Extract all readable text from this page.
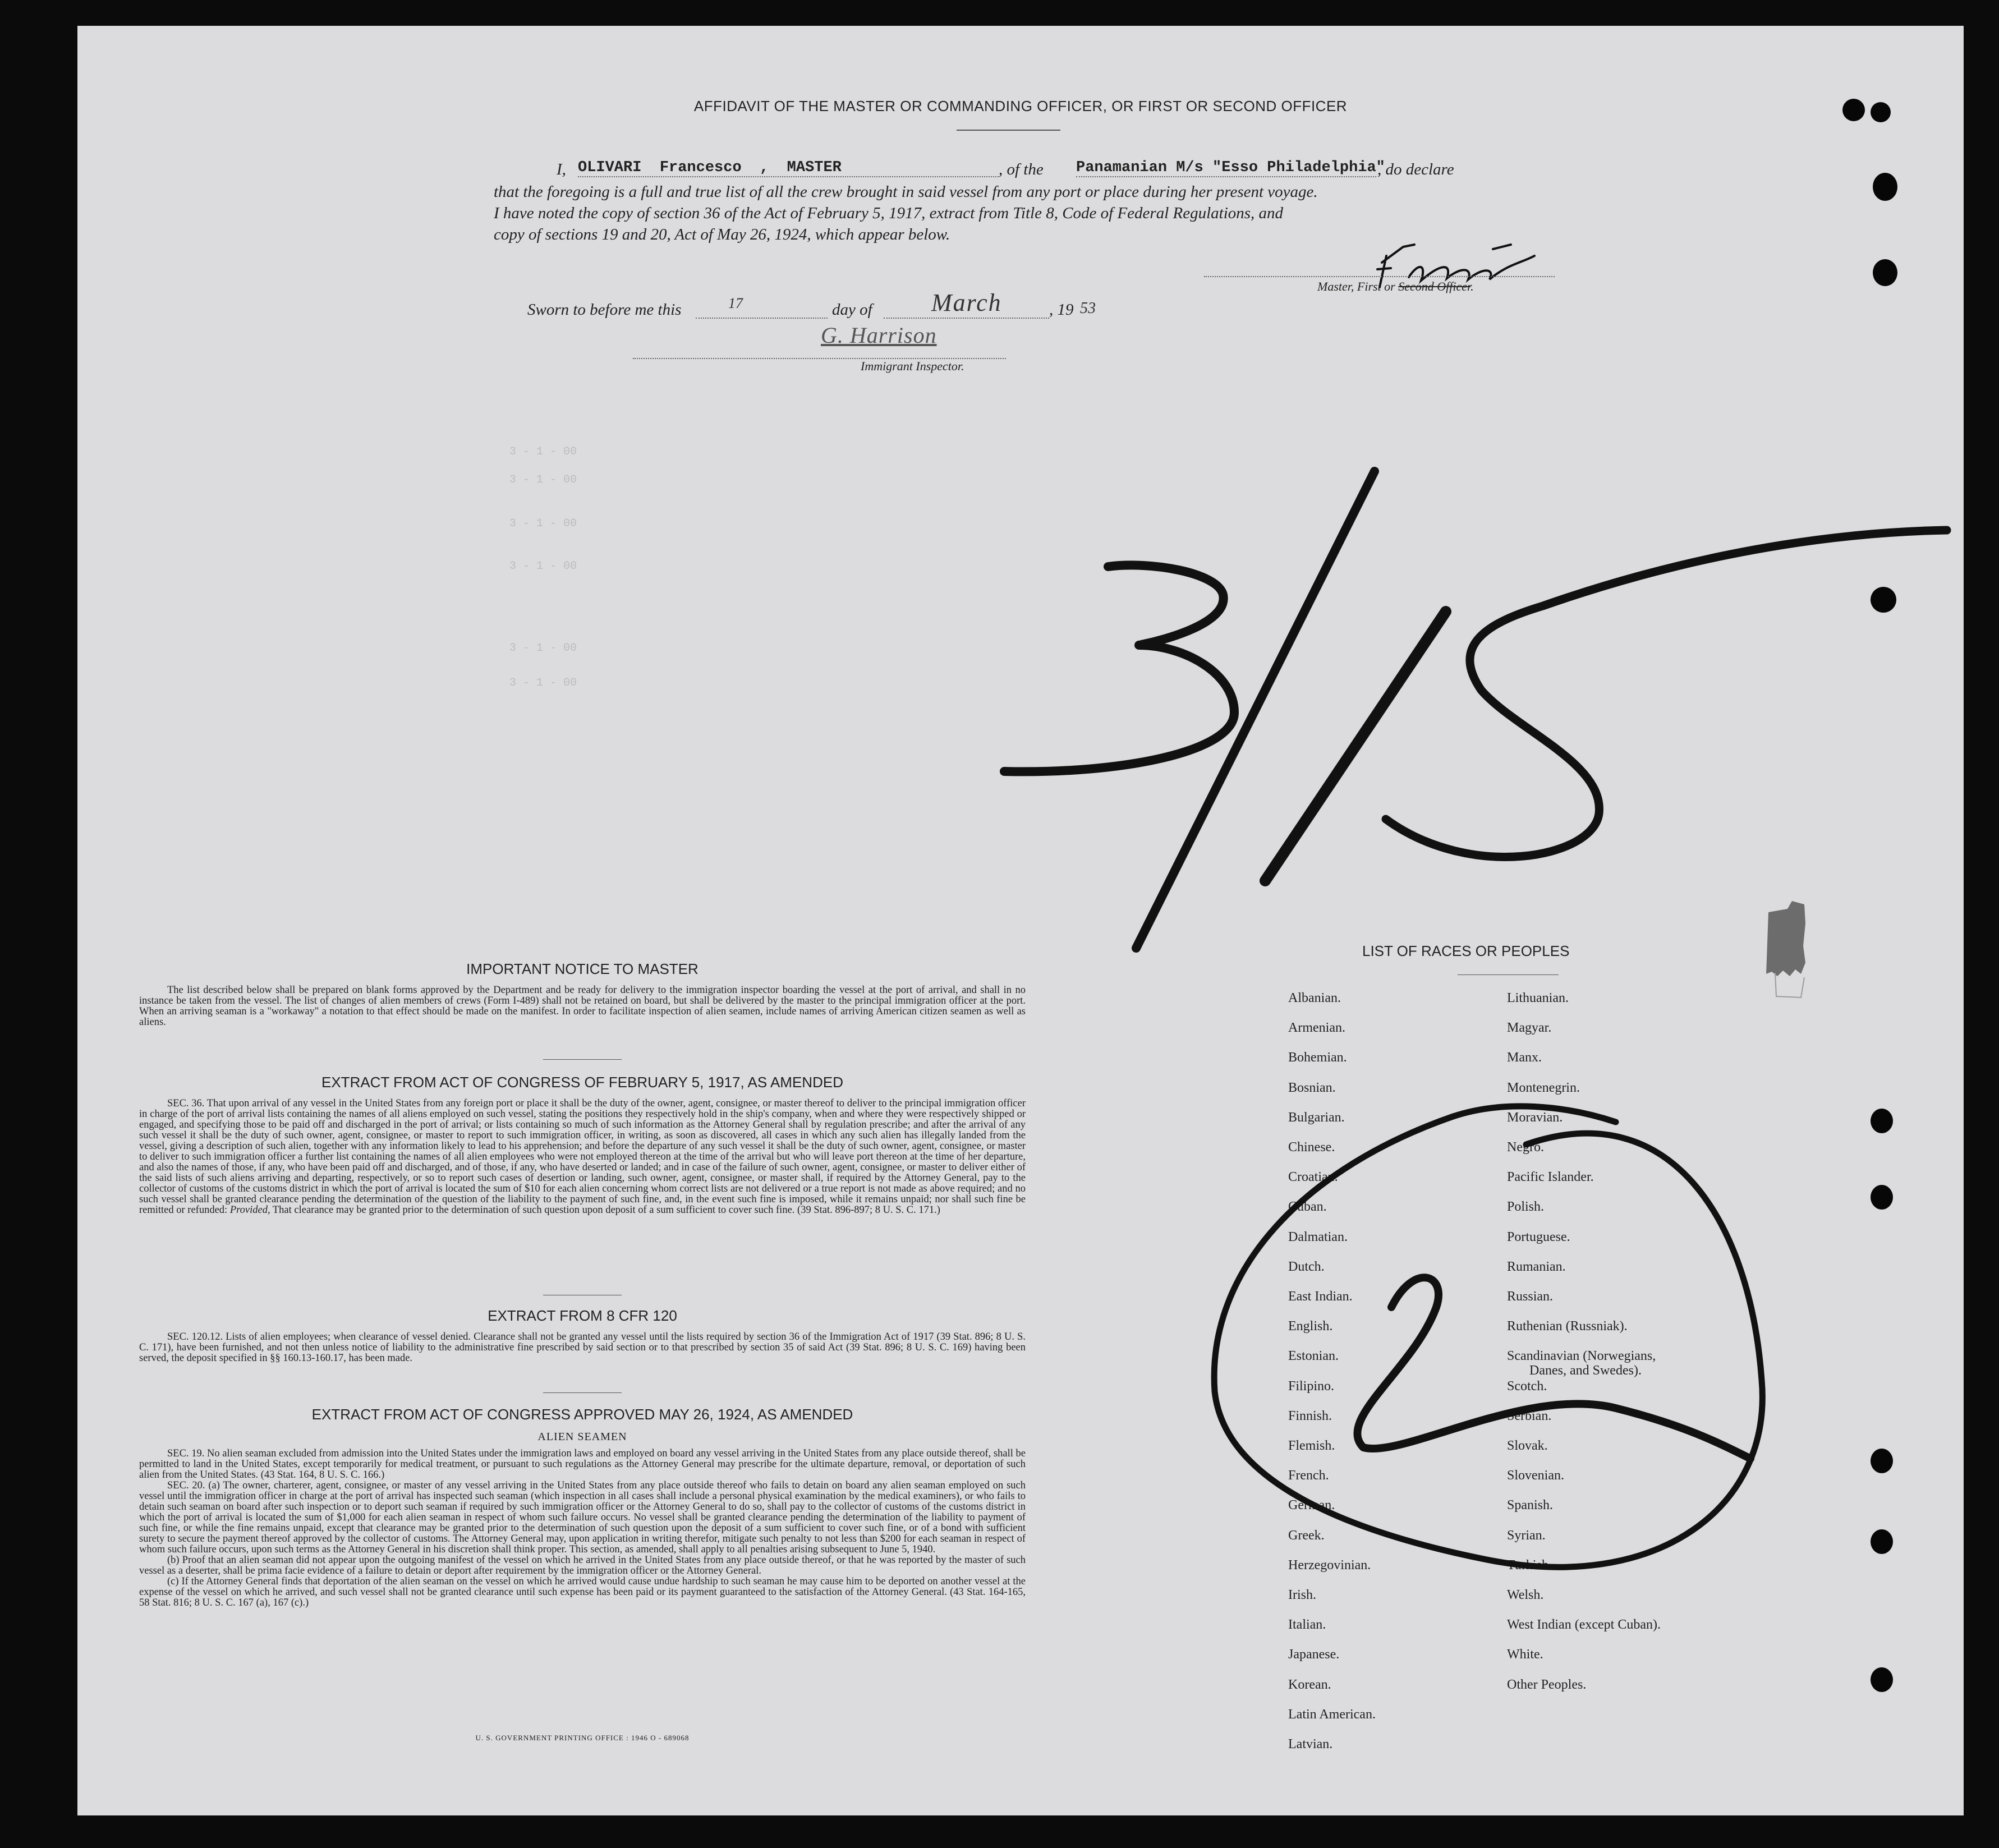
AFFIDAVIT OF THE MASTER OR COMMANDING OFFICER, OR FIRST OR SECOND OFFICER

I, OLIVARI  Francesco  ,  MASTER	, of the Panamanian M/s "Esso Philadelphia"
, do declare

that the foregoing is a full and true list of all the crew brought in said vessel from any port or place during her present voyage.

I have noted the copy of section 36 of the Act of February 5, 1917, extract from Title 8, Code of Federal Regulations, and

copy of sections 19 and 20, Act of May 26, 1924, which appear below.

Master, First or Second Officer.

Sworn to before me this	17	day of March	, 19 53
G. Harrison

Immigrant Inspector.

3 - 1 - 00

3 - 1 - 00

3 - 1 - 00

3 - 1 - 00

3 - 1 - 00

3 - 1 - 00

IMPORTANT NOTICE TO MASTER

The list described below shall be prepared on blank forms approved by the Department and be ready for delivery to the immigration inspector boarding the vessel at the port of arrival, and shall in no instance be taken from the vessel. The list of changes of alien members of crews (Form I-489) shall not be retained on board, but shall be delivered by the master to the principal immigration officer at the port. When an arriving seaman is a "workaway" a notation to that effect should be made on the manifest. In order to facilitate inspection of alien seamen, include names of arriving American citizen seamen as well as aliens.

EXTRACT FROM ACT OF CONGRESS OF FEBRUARY 5, 1917, AS AMENDED

SEC. 36. That upon arrival of any vessel in the United States from any foreign port or place it shall be the duty of the owner, agent, consignee, or master thereof to deliver to the principal immigration officer in charge of the port of arrival lists containing the names of all aliens employed on such vessel, stating the positions they respectively hold in the ship's company, when and where they were respectively shipped or engaged, and specifying those to be paid off and discharged in the port of arrival; or lists containing so much of such information as the Attorney General shall by regulation prescribe; and after the arrival of any such vessel it shall be the duty of such owner, agent, consignee, or master to report to such immigration officer, in writing, as soon as discovered, all cases in which any such alien has illegally landed from the vessel, giving a description of such alien, together with any information likely to lead to his apprehension; and before the departure of any such vessel it shall be the duty of such owner, agent, consignee, or master to deliver to such immigration officer a further list containing the names of all alien employees who were not employed thereon at the time of the arrival but who will leave port thereon at the time of her departure, and also the names of those, if any, who have been paid off and discharged, and of those, if any, who have deserted or landed; and in case of the failure of such owner, agent, consignee, or master to deliver either of the said lists of such aliens arriving and departing, respectively, or so to report such cases of desertion or landing, such owner, agent, consignee, or master shall, if required by the Attorney General, pay to the collector of customs of the customs district in which the port of arrival is located the sum of $10 for each alien concerning whom correct lists are not delivered or a true report is not made as above required; and no such vessel shall be granted clearance pending the determination of the question of the liability to the payment of such fine, and, in the event such fine is imposed, while it remains unpaid; nor shall such fine be remitted or refunded: Provided, That clearance may be granted prior to the determination of such question upon deposit of a sum sufficient to cover such fine. (39 Stat. 896-897; 8 U. S. C. 171.)

EXTRACT FROM 8 CFR 120

SEC. 120.12. Lists of alien employees; when clearance of vessel denied. Clearance shall not be granted any vessel until the lists required by section 36 of the Immigration Act of 1917 (39 Stat. 896; 8 U. S. C. 171), have been furnished, and not then unless notice of liability to the administrative fine prescribed by said section or to that prescribed by section 35 of said Act (39 Stat. 896; 8 U. S. C. 169) having been served, the deposit specified in §§ 160.13-160.17, has been made.

EXTRACT FROM ACT OF CONGRESS APPROVED MAY 26, 1924, AS AMENDED

ALIEN SEAMEN

SEC. 19. No alien seaman excluded from admission into the United States under the immigration laws and employed on board any vessel arriving in the United States from any place outside thereof, shall be permitted to land in the United States, except temporarily for medical treatment, or pursuant to such regulations as the Attorney General may prescribe for the ultimate departure, removal, or deportation of such alien from the United States. (43 Stat. 164, 8 U. S. C. 166.)

SEC. 20. (a) The owner, charterer, agent, consignee, or master of any vessel arriving in the United States from any place outside thereof who fails to detain on board any alien seaman employed on such vessel until the immigration officer in charge at the port of arrival has inspected such seaman (which inspection in all cases shall include a personal physical examination by the medical examiners), or who fails to detain such seaman on board after such inspection or to deport such seaman if required by such immigration officer or the Attorney General to do so, shall pay to the collector of customs of the customs district in which the port of arrival is located the sum of $1,000 for each alien seaman in respect of whom such failure occurs. No vessel shall be granted clearance pending the determination of the liability to payment of such fine, or while the fine remains unpaid, except that clearance may be granted prior to the determination of such question upon the deposit of a sum sufficient to cover such fine, or of a bond with sufficient surety to secure the payment thereof approved by the collector of customs. The Attorney General may, upon application in writing therefor, mitigate such penalty to not less than $200 for each seaman in respect of whom such failure occurs, upon such terms as the Attorney General in his discretion shall think proper. This section, as amended, shall apply to all penalties arising subsequent to June 5, 1940.

(b) Proof that an alien seaman did not appear upon the outgoing manifest of the vessel on which he arrived in the United States from any place outside thereof, or that he was reported by the master of such vessel as a deserter, shall be prima facie evidence of a failure to detain or deport after requirement by the immigration officer or the Attorney General.

(c) If the Attorney General finds that deportation of the alien seaman on the vessel on which he arrived would cause undue hardship to such seaman he may cause him to be deported on another vessel at the expense of the vessel on which he arrived, and such vessel shall not be granted clearance until such expense has been paid or its payment guaranteed to the satisfaction of the Attorney General. (43 Stat. 164-165, 58 Stat. 816; 8 U. S. C. 167 (a), 167 (c).)

U. S. GOVERNMENT PRINTING OFFICE : 1946 O - 689068

LIST OF RACES OR PEOPLES

Albanian.
Armenian.
Bohemian.
Bosnian.
Bulgarian.
Chinese.
Croatian.
Cuban.
Dalmatian.
Dutch.
East Indian.
English.
Estonian.
Filipino.
Finnish.
Flemish.
French.
German.
Greek.
Herzegovinian.
Irish.
Italian.
Japanese.
Korean.
Latin American.
Latvian.
Lithuanian.
Magyar.
Manx.
Montenegrin.
Moravian.
Negro.
Pacific Islander.
Polish.
Portuguese.
Rumanian.
Russian.
Ruthenian (Russniak).
Scandinavian (Norwegians,
Danes, and Swedes).
Scotch.
Serbian.
Slovak.
Slovenian.
Spanish.
Syrian.
Turkish.
Welsh.
West Indian (except Cuban).
White.
Other Peoples.
2
